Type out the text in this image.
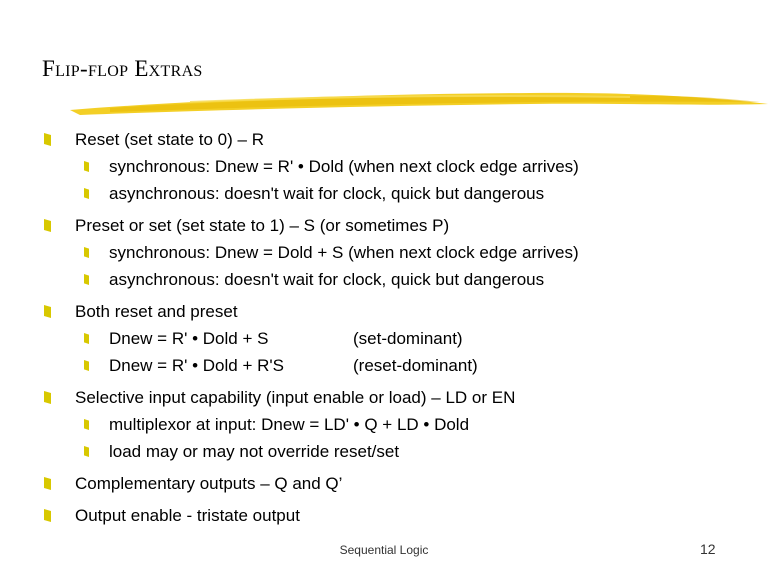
Flip-flop Extras
Reset (set state to 0) – R
synchronous: Dnew = R' • Dold (when next clock edge arrives)
asynchronous: doesn't wait for clock, quick but dangerous
Preset or set (set state to 1) – S (or sometimes P)
synchronous: Dnew = Dold + S (when next clock edge arrives)
asynchronous: doesn't wait for clock, quick but dangerous
Both reset and preset
Dnew = R' • Dold + S	(set-dominant)
Dnew = R' • Dold + R'S	(reset-dominant)
Selective input capability (input enable or load) – LD or EN
multiplexor at input: Dnew = LD' • Q + LD • Dold
load may or may not override reset/set
Complementary outputs – Q and Q’
Output enable - tristate output
Sequential Logic	12
